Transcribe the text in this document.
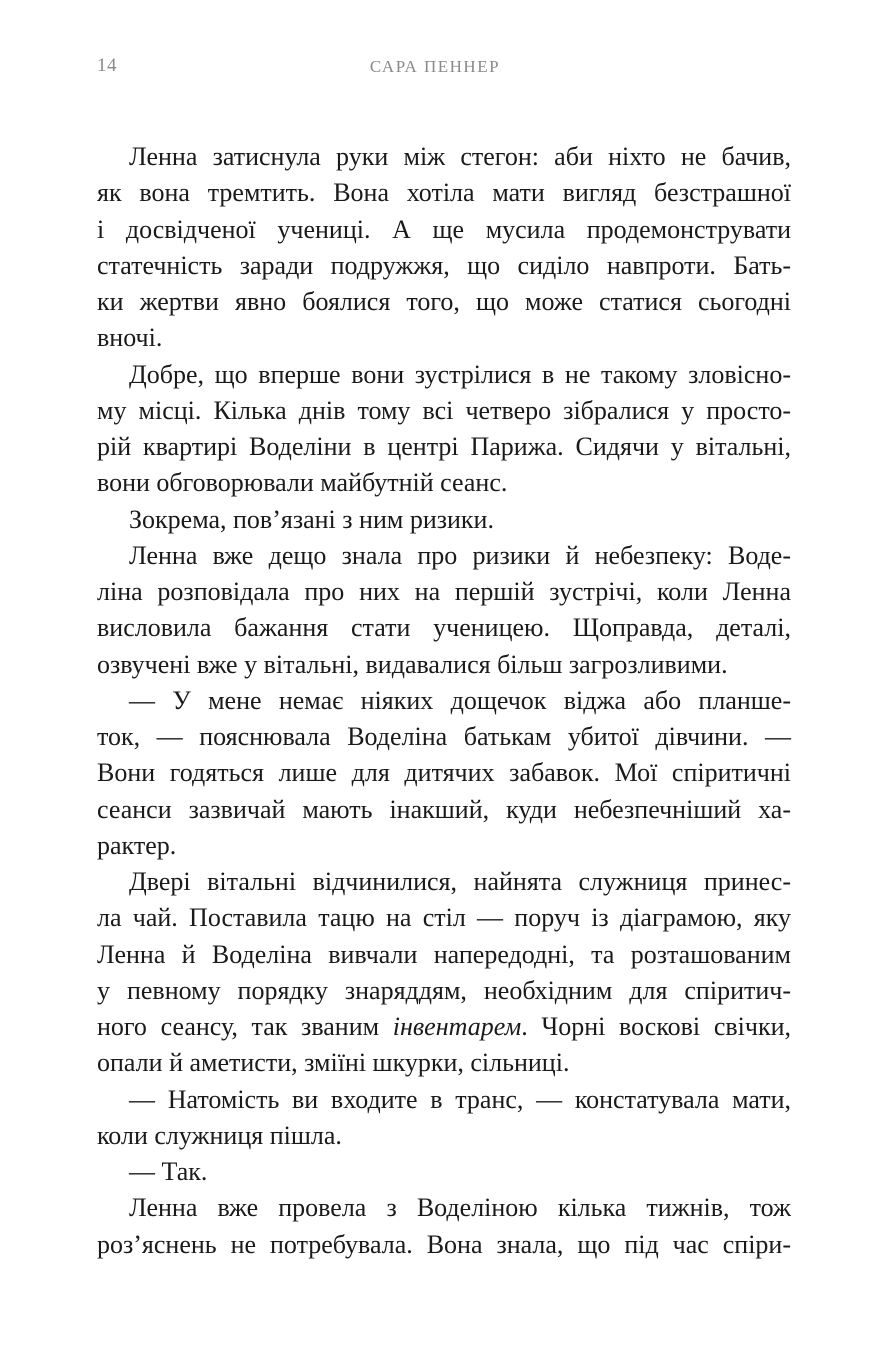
14	САРА ПЕННЕР
Ленна затиснула руки між стегон: аби ніхто не бачив,
як вона тремтить. Вона хотіла мати вигляд безстрашної
і досвідченої учениці. А ще мусила продемонструвати
статечність заради подружжя, що сиділо навпроти. Бать-
ки жертви явно боялися того, що може статися сьогодні
вночі.
Добре, що вперше вони зустрілися в не такому зловісно-
му місці. Кілька днів тому всі четверо зібралися у просто-
рій квартирі Воделіни в центрі Парижа. Сидячи у вітальні,
вони обговорювали майбутній сеанс.
Зокрема, пов’язані з ним ризики.
Ленна вже дещо знала про ризики й небезпеку: Воде-
ліна розповідала про них на першій зустрічі, коли Ленна
висловила бажання стати ученицею. Щоправда, деталі,
озвучені вже у вітальні, видавалися більш загрозливими.
— У мене немає ніяких дощечок віджа або планше-
ток, — пояснювала Воделіна батькам убитої дівчини. —
Вони годяться лише для дитячих забавок. Мої спіритичні
сеанси зазвичай мають інакший, куди небезпечніший ха-
рактер.
Двері вітальні відчинилися, найнята служниця принес-
ла чай. Поставила тацю на стіл — поруч із діаграмою, яку
Ленна й Воделіна вивчали напередодні, та розташованим
у певному порядку знаряддям, необхідним для спіритич-
ного сеансу, так званим інвентарем. Чорні воскові свічки,
опали й аметисти, зміїні шкурки, сільниці.
— Натомість ви входите в транс, — констатувала мати,
коли служниця пішла.
— Так.
Ленна вже провела з Воделіною кілька тижнів, тож
роз’яснень не потребувала. Вона знала, що під час спіри-
